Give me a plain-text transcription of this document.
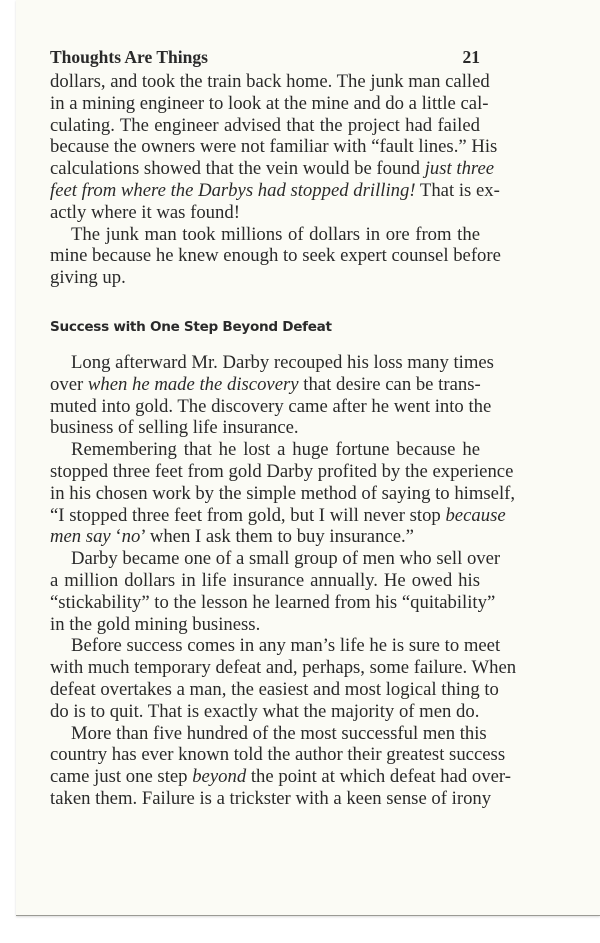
Thoughts Are Things	21
dollars, and took the train back home. The junk man called
in a mining engineer to look at the mine and do a little cal-
culating. The engineer advised that the project had failed
because the owners were not familiar with “fault lines.” His
calculations showed that the vein would be found just three
feet from where the Darbys had stopped drilling! That is ex-
actly where it was found!
The junk man took millions of dollars in ore from the
mine because he knew enough to seek expert counsel before
giving up.
Success with One Step Beyond Defeat
Long afterward Mr. Darby recouped his loss many times
over when he made the discovery that desire can be trans-
muted into gold. The discovery came after he went into the
business of selling life insurance.
Remembering that he lost a huge fortune because he
stopped three feet from gold Darby profited by the experience
in his chosen work by the simple method of saying to himself,
“I stopped three feet from gold, but I will never stop because
men say ‘no’ when I ask them to buy insurance.”
Darby became one of a small group of men who sell over
a million dollars in life insurance annually. He owed his
“stickability” to the lesson he learned from his “quitability”
in the gold mining business.
Before success comes in any man’s life he is sure to meet
with much temporary defeat and, perhaps, some failure. When
defeat overtakes a man, the easiest and most logical thing to
do is to quit. That is exactly what the majority of men do.
More than five hundred of the most successful men this
country has ever known told the author their greatest success
came just one step beyond the point at which defeat had over-
taken them. Failure is a trickster with a keen sense of irony
